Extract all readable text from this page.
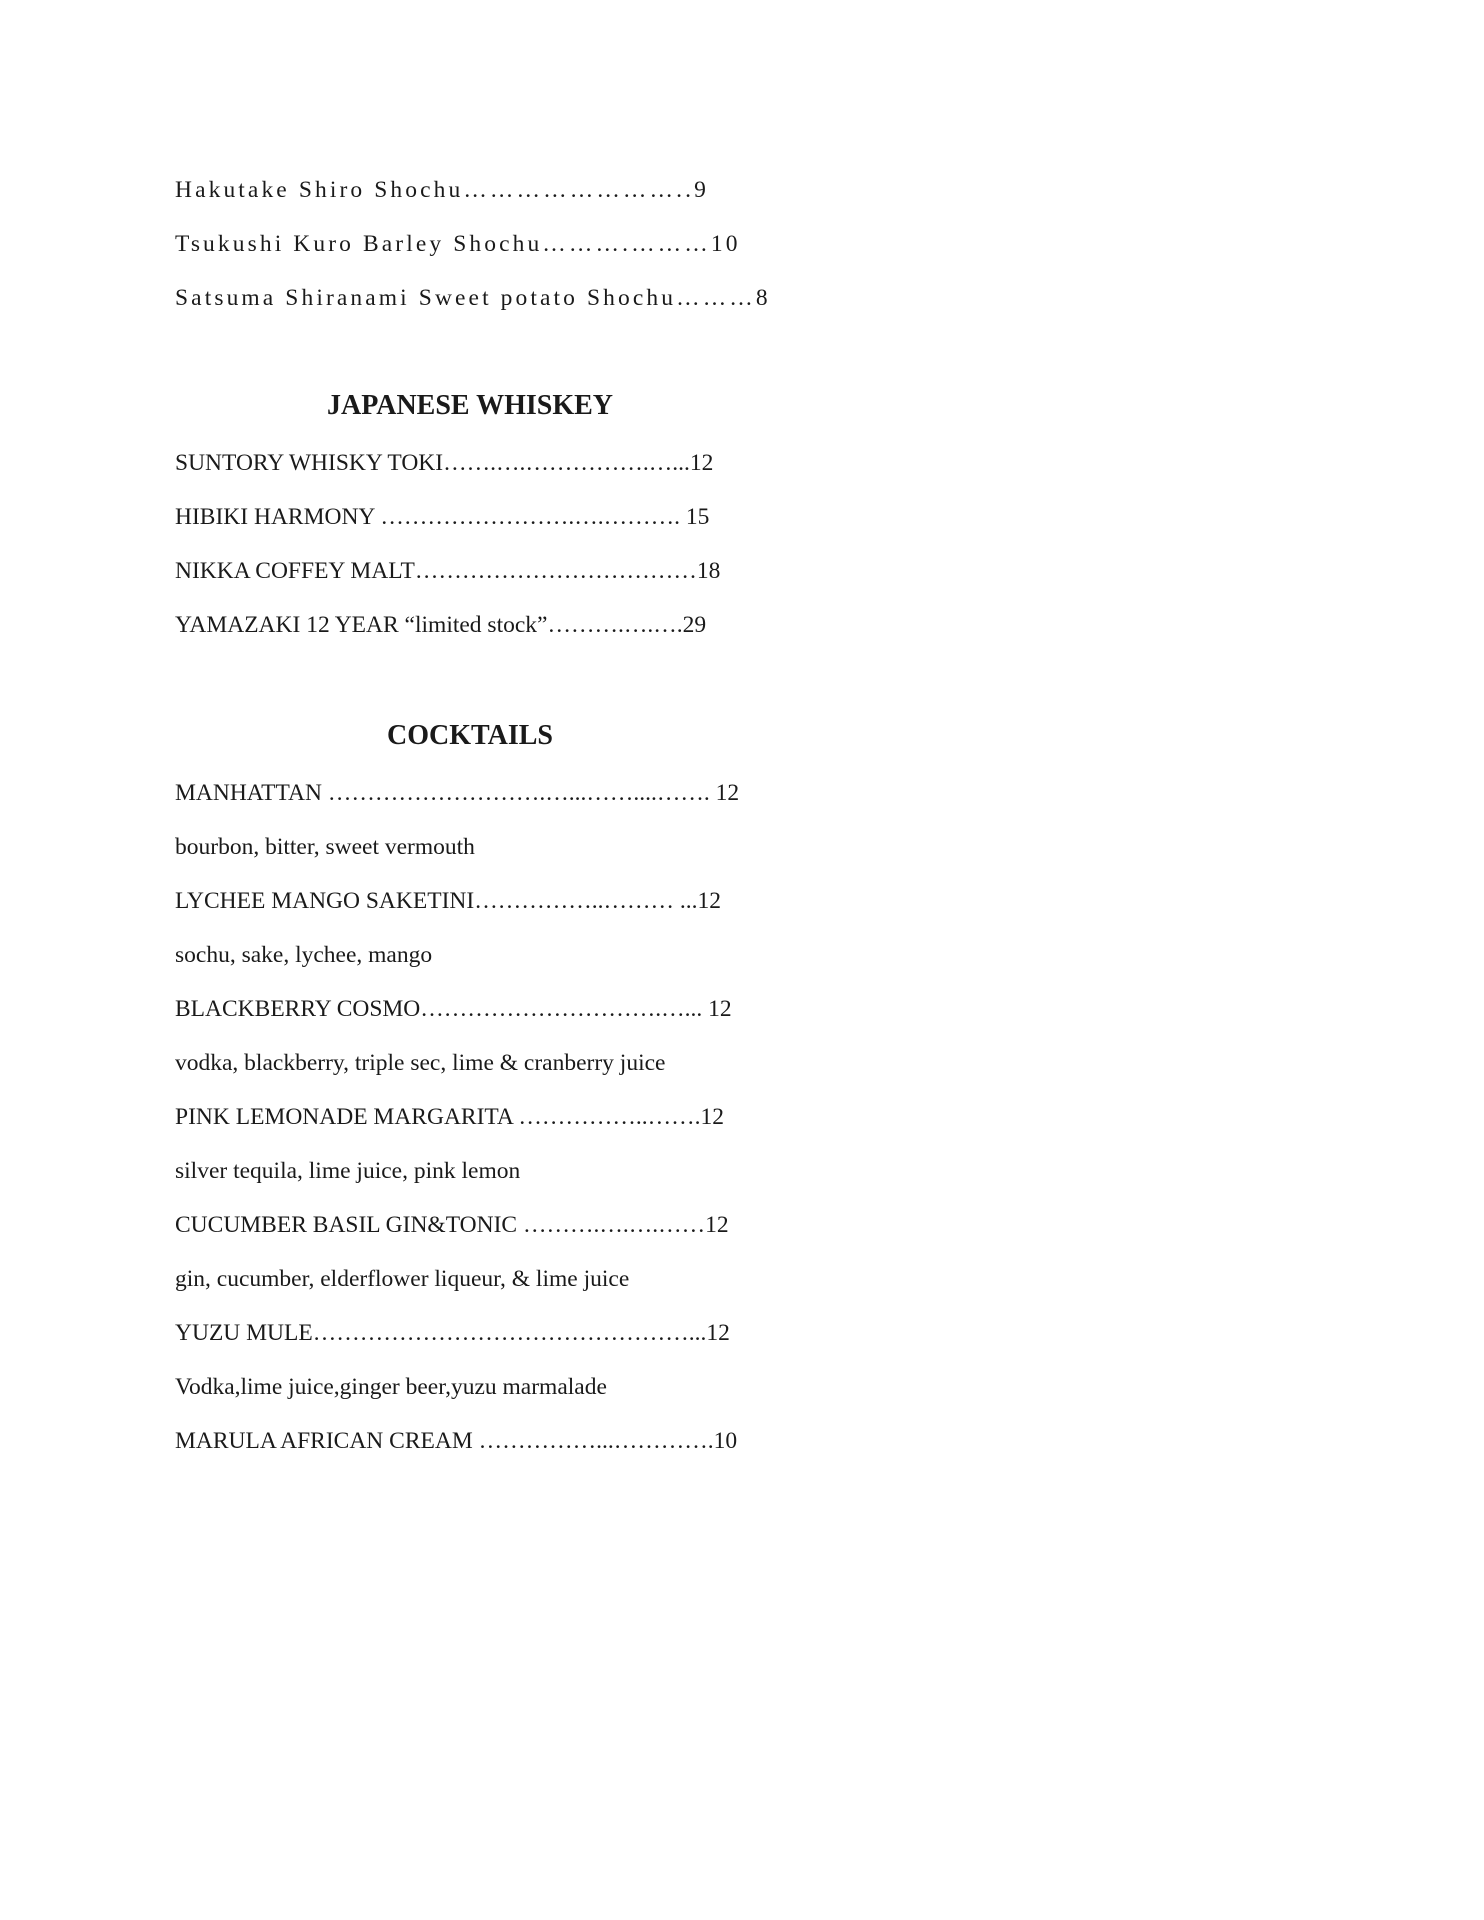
Hakutake Shiro Shochu……………………..9
Tsukushi Kuro Barley Shochu……….………10
Satsuma Shiranami Sweet potato Shochu………8
JAPANESE WHISKEY
SUNTORY WHISKY TOKI…….….…………….…...12
HIBIKI HARMONY …………………….….………. 15
NIKKA COFFEY MALT………………………………18
YAMAZAKI 12 YEAR “limited stock”……….….….29
COCKTAILS
MANHATTAN ……………………….…...……....……. 12
bourbon, bitter, sweet vermouth
LYCHEE MANGO SAKETINI……………..……… ...12
sochu, sake, lychee, mango
BLACKBERRY COSMO………………………….…... 12
vodka, blackberry, triple sec, lime & cranberry juice
PINK LEMONADE MARGARITA ……………..…….12
silver tequila, lime juice, pink lemon
CUCUMBER BASIL GIN&TONIC ……….….….……12
gin, cucumber, elderflower liqueur, & lime juice
YUZU MULE…………………………………………...12
Vodka,lime juice,ginger beer,yuzu marmalade
MARULA AFRICAN CREAM ……………...………….10
